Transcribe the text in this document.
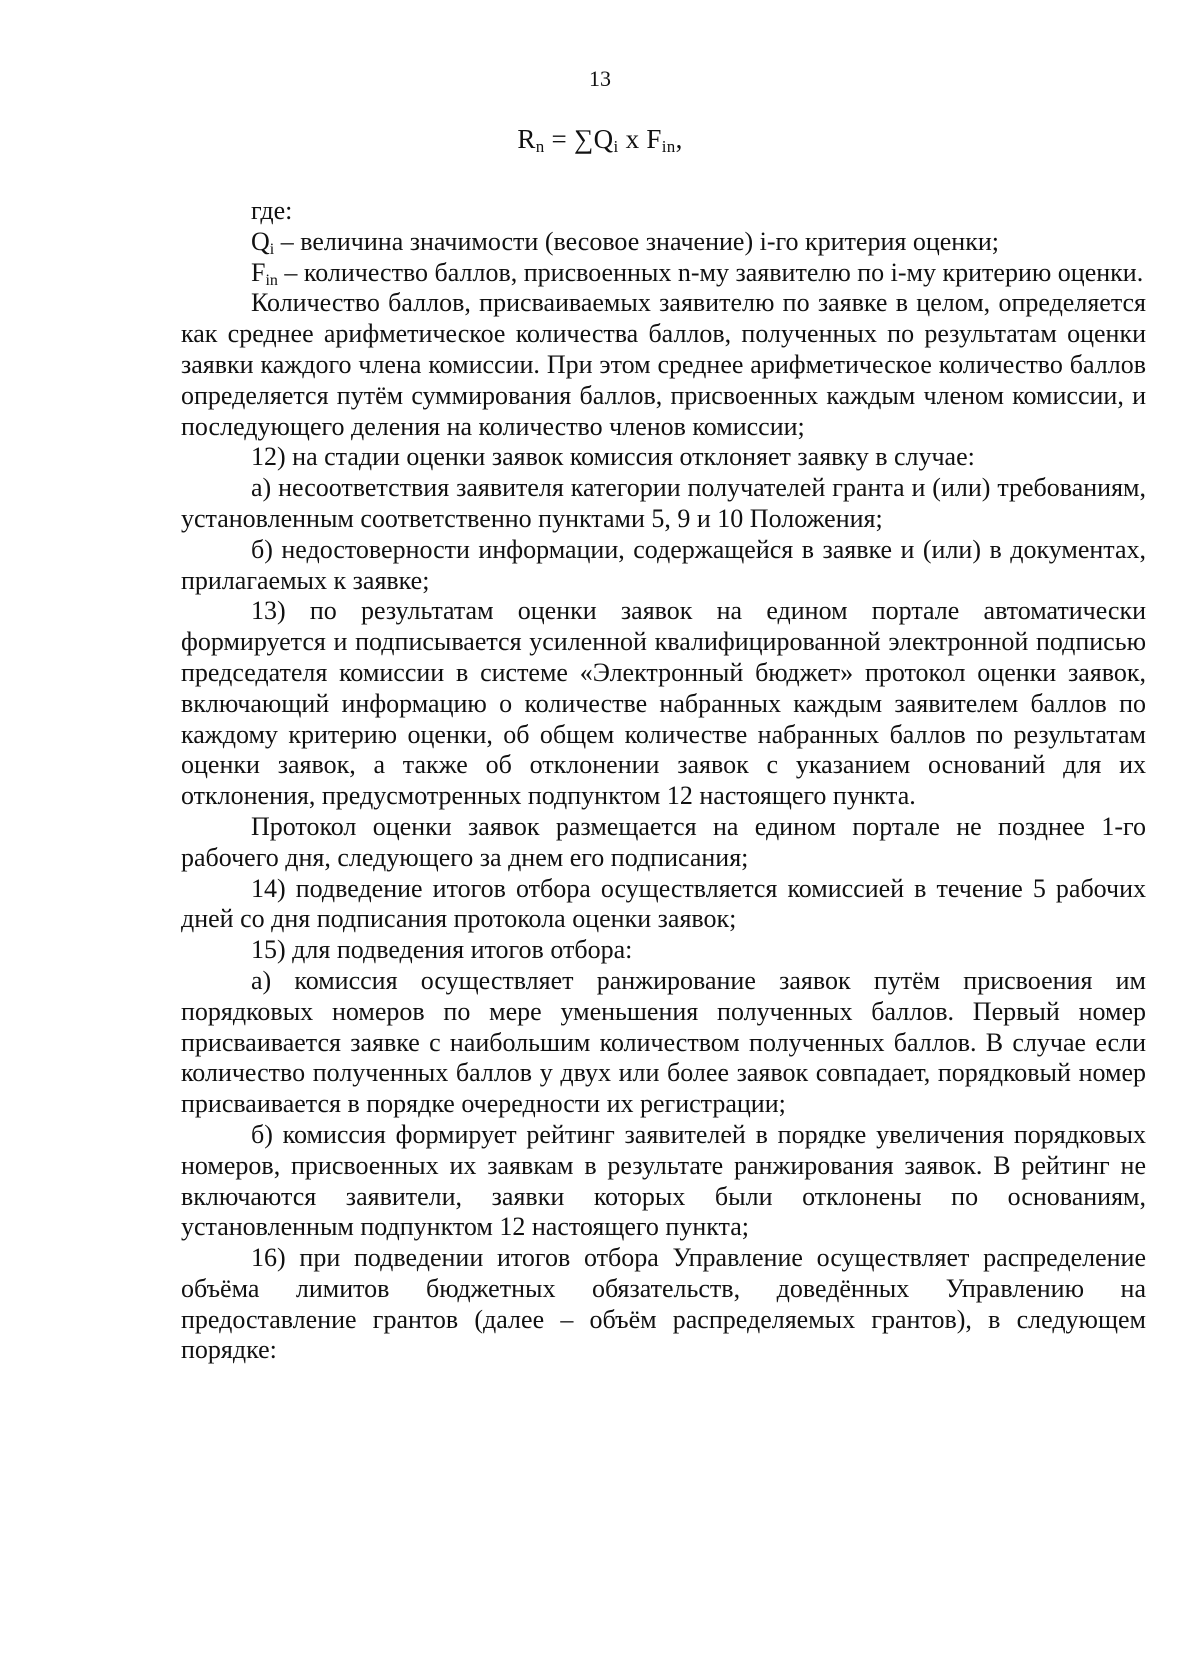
13
$R_n = \sum Q_i$ x $F_{in}$,

где:

$Q_i$ – величина значимости (весовое значение) i-го критерия оценки;

$F_{in}$ – количество баллов, присвоенных n-му заявителю по i-му критерию оценки.

Количество баллов, присваиваемых заявителю по заявке в целом, определяется как среднее арифметическое количества баллов, полученных по результатам оценки заявки каждого члена комиссии. При этом среднее арифметическое количество баллов определяется путём суммирования баллов, присвоенных каждым членом комиссии, и последующего деления на количество членов комиссии;

12) на стадии оценки заявок комиссия отклоняет заявку в случае:

а) несоответствия заявителя категории получателей гранта и (или) требованиям, установленным соответственно пунктами 5, 9 и 10 Положения;

б) недостоверности информации, содержащейся в заявке и (или) в документах, прилагаемых к заявке;

13) по результатам оценки заявок на едином портале автоматически формируется и подписывается усиленной квалифицированной электронной подписью председателя комиссии в системе «Электронный бюджет» протокол оценки заявок, включающий информацию о количестве набранных каждым заявителем баллов по каждому критерию оценки, об общем количестве набранных баллов по результатам оценки заявок, а также об отклонении заявок с указанием оснований для их отклонения, предусмотренных подпунктом 12 настоящего пункта.

Протокол оценки заявок размещается на едином портале не позднее 1-го рабочего дня, следующего за днем его подписания;

14) подведение итогов отбора осуществляется комиссией в течение 5 рабочих дней со дня подписания протокола оценки заявок;

15) для подведения итогов отбора:

а) комиссия осуществляет ранжирование заявок путём присвоения им порядковых номеров по мере уменьшения полученных баллов. Первый номер присваивается заявке с наибольшим количеством полученных баллов. В случае если количество полученных баллов у двух или более заявок совпадает, порядковый номер присваивается в порядке очередности их регистрации;

б) комиссия формирует рейтинг заявителей в порядке увеличения порядковых номеров, присвоенных их заявкам в результате ранжирования заявок. В рейтинг не включаются заявители, заявки которых были отклонены по основаниям, установленным подпунктом 12 настоящего пункта;

16) при подведении итогов отбора Управление осуществляет распределение объёма лимитов бюджетных обязательств, доведённых Управлению на предоставление грантов (далее – объём распределяемых грантов), в следующем порядке:
